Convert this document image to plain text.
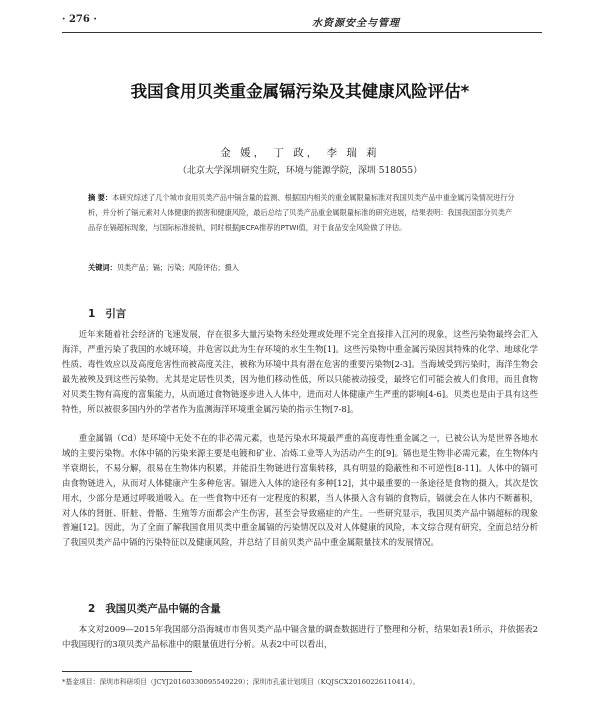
· 276 ·	水资源安全与管理
我国食用贝类重金属镉污染及其健康风险评估*
金 媛， 丁 政， 李 瑞 莉
（北京大学深圳研究生院，环境与能源学院，深圳 518055）
摘 要：本研究综述了几个城市食用贝类产品中镉含量的监测、根据国内相关的重金属限量标准对我国贝类产品中重金属污染情况进行分析，并分析了镉元素对人体健康的损害和健康风险，最后总结了贝类产品重金属限量标准的研究进展，结果表明：我国我国部分贝类产品存在镉超标现象，与国际标准接轨，同时根据JECFA推荐的PTWI值，对于食品安全风险做了评估。
关键词：贝类产品；镉；污染；风险评估；摄入
1 引言
近年来随着社会经济的飞速发展，存在很多大量污染物未经处理或处理不完全直接排入江河的现象，这些污染物最终会汇入海洋，严重污染了我国的水域环境，并危害以此为生存环境的水生生物[1]。这些污染物中重金属污染因其特殊的化学、地球化学性质、毒性效应以及高度危害性而被高度关注，被称为环境中具有潜在危害的重要污染物[2-3]。当海域受到污染时，海洋生物会最先被殃及到这些污染物。尤其是定居性贝类，因为他们移动性低，所以只能被动接受，最终它们可能会被人们食用，而且食物对贝类生物有高度的富集能力，从而通过食物链逐步进入人体中，进而对人体健康产生严重的影响[4-6]。贝类也是由于具有这些特性，所以被很多国内外的学者作为监测海洋环境重金属污染的指示生物[7-8]。
重金属镉（Cd）是环境中无处不在的非必需元素，也是污染水环境最严重的高度毒性重金属之一，已被公认为是世界各地水域的主要污染物。水体中镉的污染来源主要是电镀和矿业、冶炼工业等人为活动产生的[9]。镉也是生物非必需元素，在生物体内半衰期长，不易分解，很易在生物体内积累，并能沿生物链进行富集转移，具有明显的隐蔽性和不可逆性[8-11]。人体中的镉可由食物链进入，从而对人体健康产生多种危害。镉进入人体的途径有多种[12]，其中最重要的一条途径是食物的摄入，其次是饮用水，少部分是通过呼吸道吸入。在一些食物中还有一定程度的积累，当人体摄入含有镉的食物后，镉就会在人体内不断蓄积，对人体的肾脏、肝脏、骨骼、生殖等方面都会产生伤害，甚至会导致癌症的产生。一些研究显示，我国贝类产品中镉超标的现象普遍[12]。因此，为了全面了解我国食用贝类中重金属镉的污染情况以及对人体健康的风险，本文综合现有研究，全面总结分析了我国贝类产品中镉的污染特征以及健康风险，并总结了目前贝类产品中重金属限量技术的发展情况。
2 我国贝类产品中镉的含量
本文对2009—2015年我国部分沿海城市市售贝类产品中镉含量的调查数据进行了整理和分析，结果如表1所示，并依据表2中我国现行的3项贝类产品标准中的限量值进行分析。从表2中可以看出，
*基金项目：深圳市科研项目（JCYJ20160330095549229）；深圳市孔雀计划项目（KQJSCX20160226110414）。
